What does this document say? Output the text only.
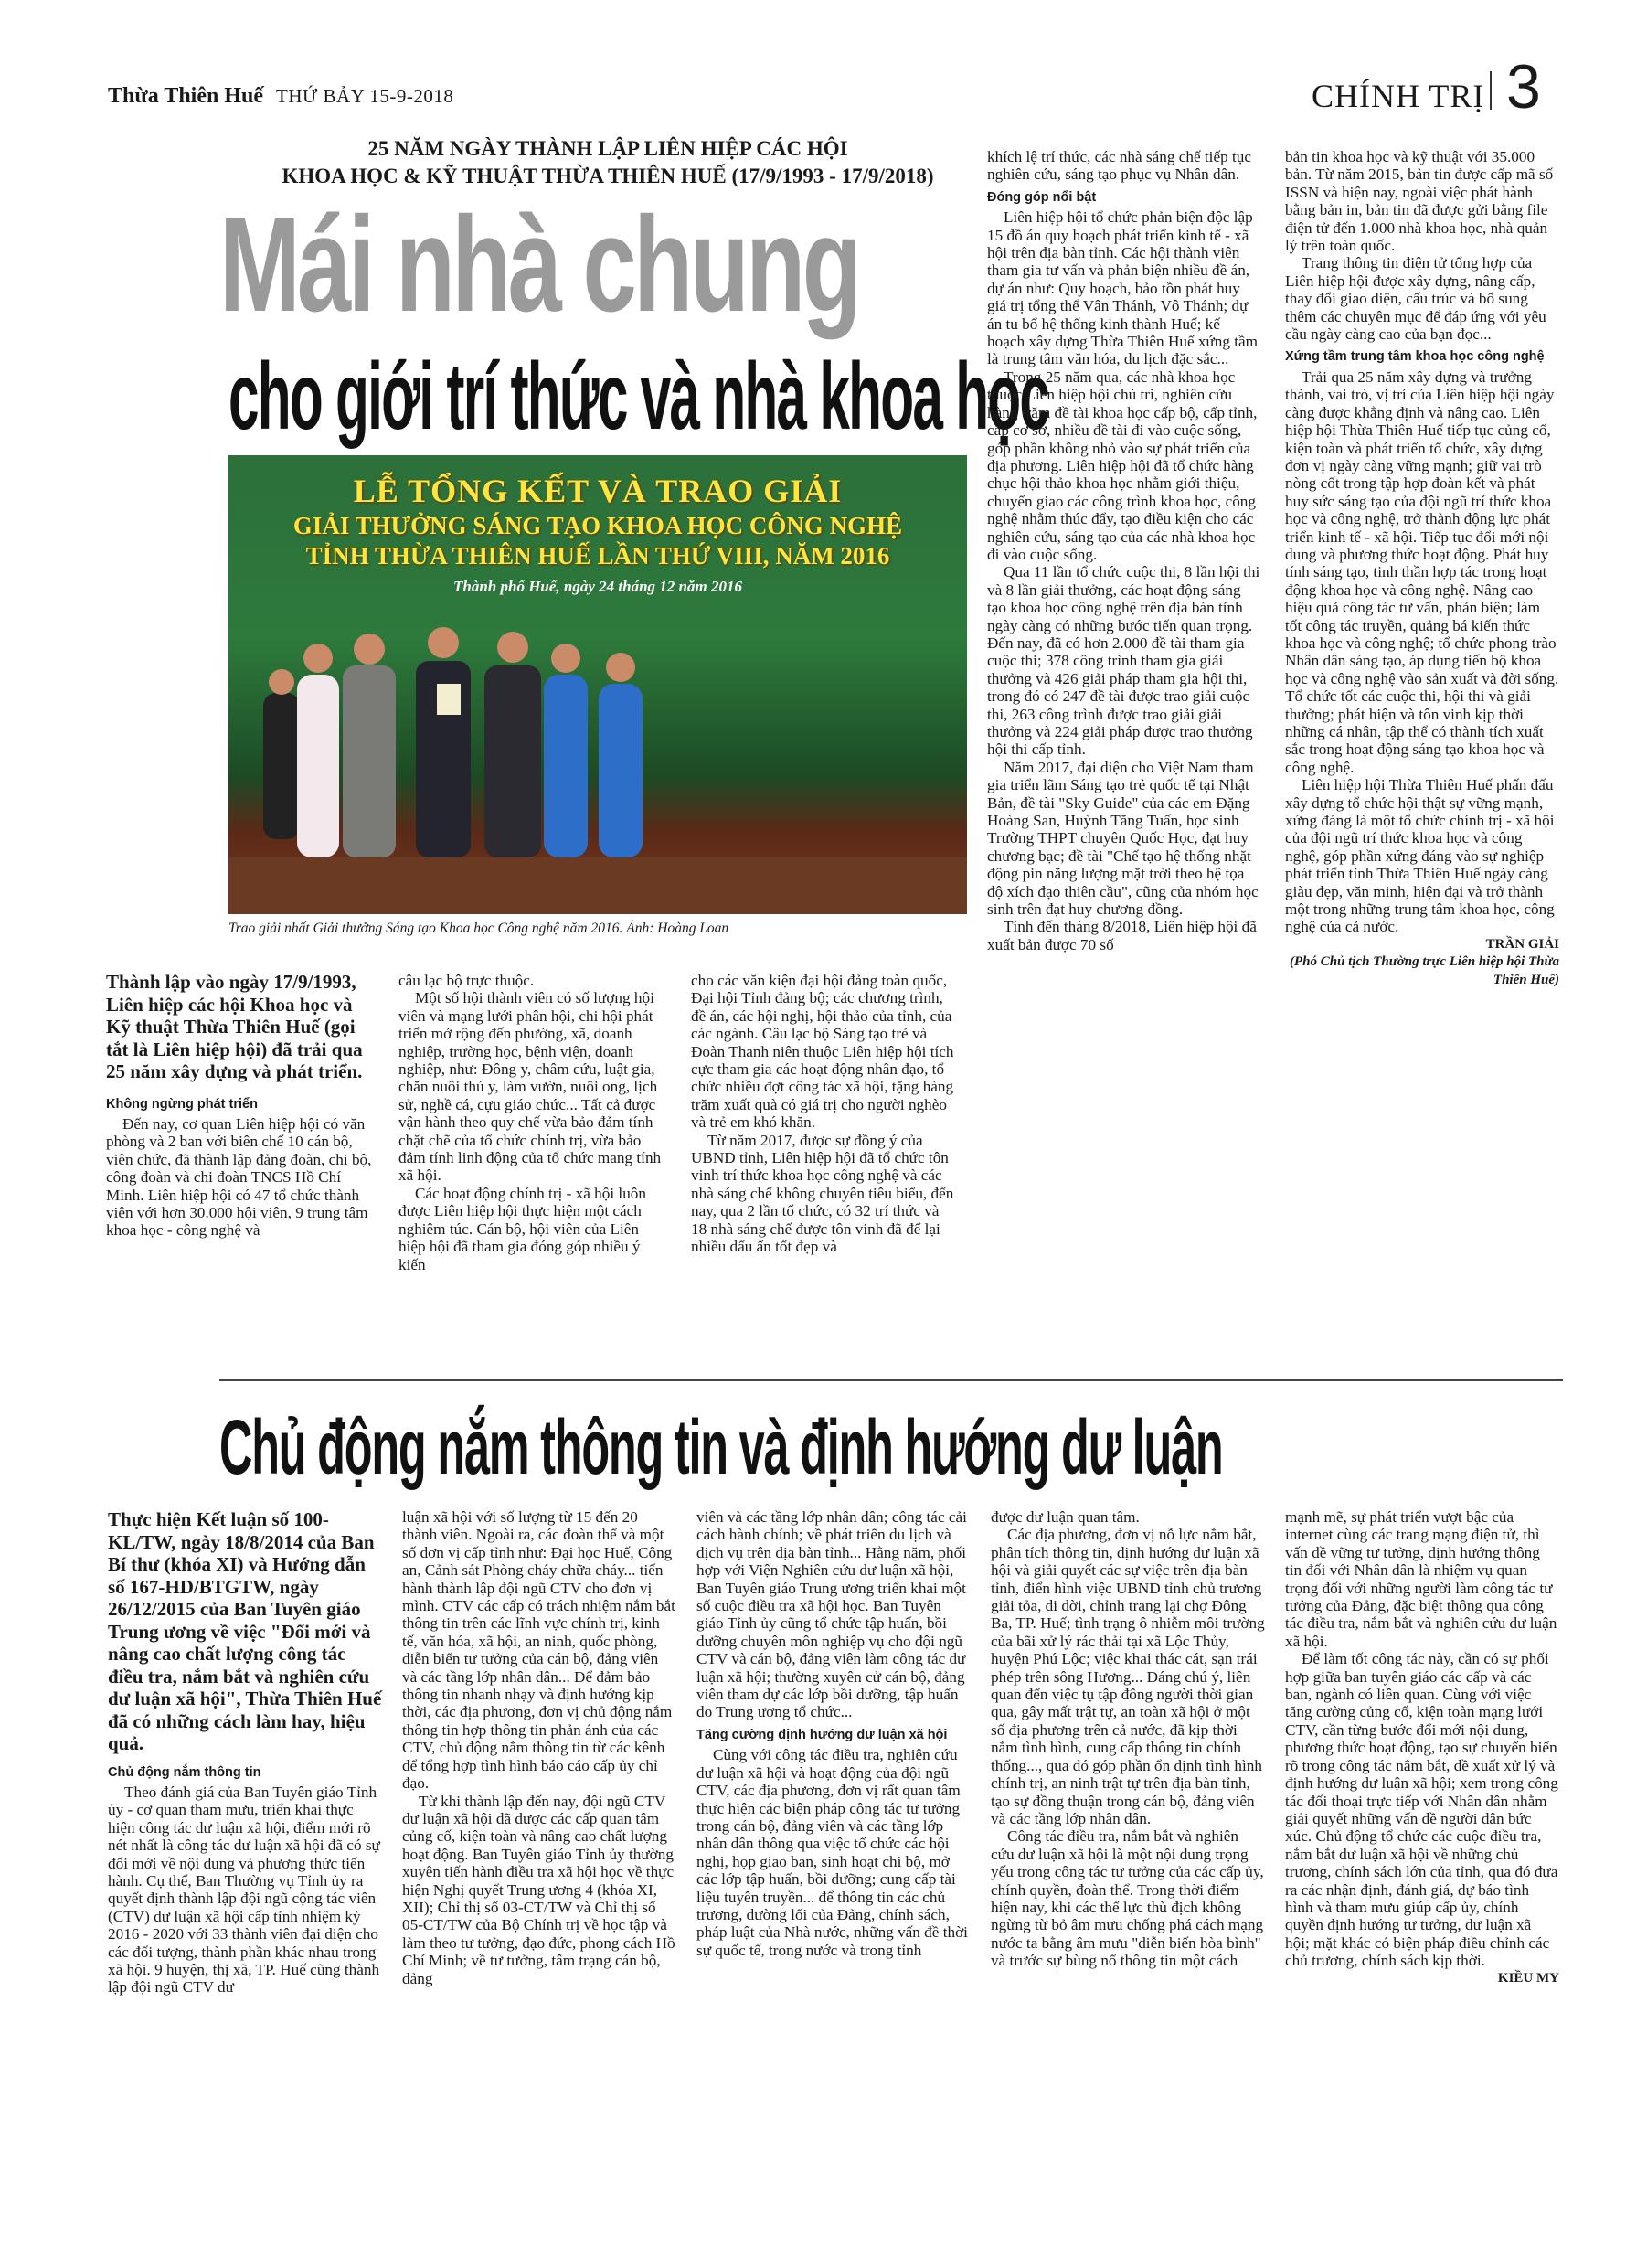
Thừa Thiên Huế THỨ BẢY 15-9-2018	CHÍNH TRỊ 3
25 NĂM NGÀY THÀNH LẬP LIÊN HIỆP CÁC HỘI
KHOA HỌC & KỸ THUẬT THỪA THIÊN HUẾ (17/9/1993 - 17/9/2018)
Mái nhà chung
cho giới trí thức và nhà khoa học
LỄ TỔNG KẾT VÀ TRAO GIẢI
GIẢI THƯỞNG SÁNG TẠO KHOA HỌC CÔNG NGHỆ
TỈNH THỪA THIÊN HUẾ LẦN THỨ VIII, NĂM 2016
Thành phố Huế, ngày 24 tháng 12 năm 2016
Trao giải nhất Giải thưởng Sáng tạo Khoa học Công nghệ năm 2016. Ảnh: Hoàng Loan

Thành lập vào ngày 17/9/1993, Liên hiệp các hội Khoa học và Kỹ thuật Thừa Thiên Huế (gọi tắt là Liên hiệp hội) đã trải qua 25 năm xây dựng và phát triển.

Không ngừng phát triển

Đến nay, cơ quan Liên hiệp hội có văn phòng và 2 ban với biên chế 10 cán bộ, viên chức, đã thành lập đảng đoàn, chi bộ, công đoàn và chi đoàn TNCS Hồ Chí Minh. Liên hiệp hội có 47 tổ chức thành viên với hơn 30.000 hội viên, 9 trung tâm khoa học - công nghệ và

câu lạc bộ trực thuộc.

Một số hội thành viên có số lượng hội viên và mạng lưới phân hội, chi hội phát triển mở rộng đến phường, xã, doanh nghiệp, trường học, bệnh viện, doanh nghiệp, như: Đông y, châm cứu, luật gia, chăn nuôi thú y, làm vườn, nuôi ong, lịch sử, nghề cá, cựu giáo chức... Tất cả được vận hành theo quy chế vừa bảo đảm tính chặt chẽ của tổ chức chính trị, vừa bảo đảm tính linh động của tổ chức mang tính xã hội.

Các hoạt động chính trị - xã hội luôn được Liên hiệp hội thực hiện một cách nghiêm túc. Cán bộ, hội viên của Liên hiệp hội đã tham gia đóng góp nhiều ý kiến

cho các văn kiện đại hội đảng toàn quốc, Đại hội Tỉnh đảng bộ; các chương trình, đề án, các hội nghị, hội thảo của tỉnh, của các ngành. Câu lạc bộ Sáng tạo trẻ và Đoàn Thanh niên thuộc Liên hiệp hội tích cực tham gia các hoạt động nhân đạo, tổ chức nhiều đợt công tác xã hội, tặng hàng trăm xuất quà có giá trị cho người nghèo và trẻ em khó khăn.

Từ năm 2017, được sự đồng ý của UBND tỉnh, Liên hiệp hội đã tổ chức tôn vinh trí thức khoa học công nghệ và các nhà sáng chế không chuyên tiêu biểu, đến nay, qua 2 lần tổ chức, có 32 trí thức và 18 nhà sáng chế được tôn vinh đã để lại nhiều dấu ấn tốt đẹp và

khích lệ trí thức, các nhà sáng chế tiếp tục nghiên cứu, sáng tạo phục vụ Nhân dân.

Đóng góp nổi bật

Liên hiệp hội tổ chức phản biện độc lập 15 đồ án quy hoạch phát triển kinh tế - xã hội trên địa bàn tỉnh. Các hội thành viên tham gia tư vấn và phản biện nhiều đề án, dự án như: Quy hoạch, bảo tồn phát huy giá trị tổng thể Vân Thánh, Vô Thánh; dự án tu bổ hệ thống kinh thành Huế; kế hoạch xây dựng Thừa Thiên Huế xứng tầm là trung tâm văn hóa, du lịch đặc sắc...

Trong 25 năm qua, các nhà khoa học thuộc Liên hiệp hội chủ trì, nghiên cứu hàng trăm đề tài khoa học cấp bộ, cấp tỉnh, cấp cơ sở, nhiều đề tài đi vào cuộc sống, góp phần không nhỏ vào sự phát triển của địa phương. Liên hiệp hội đã tổ chức hàng chục hội thảo khoa học nhằm giới thiệu, chuyển giao các công trình khoa học, công nghệ nhằm thúc đẩy, tạo điều kiện cho các nghiên cứu, sáng tạo của các nhà khoa học đi vào cuộc sống.

Qua 11 lần tổ chức cuộc thi, 8 lần hội thi và 8 lần giải thưởng, các hoạt động sáng tạo khoa học công nghệ trên địa bàn tỉnh ngày càng có những bước tiến quan trọng. Đến nay, đã có hơn 2.000 đề tài tham gia cuộc thi; 378 công trình tham gia giải thưởng và 426 giải pháp tham gia hội thi, trong đó có 247 đề tài được trao giải cuộc thi, 263 công trình được trao giải giải thưởng và 224 giải pháp được trao thưởng hội thi cấp tỉnh.

Năm 2017, đại diện cho Việt Nam tham gia triển lãm Sáng tạo trẻ quốc tế tại Nhật Bản, đề tài "Sky Guide" của các em Đặng Hoàng San, Huỳnh Tăng Tuấn, học sinh Trường THPT chuyên Quốc Học, đạt huy chương bạc; đề tài "Chế tạo hệ thống nhặt động pin năng lượng mặt trời theo hệ tọa độ xích đạo thiên cầu", cũng của nhóm học sinh trên đạt huy chương đồng.

Tính đến tháng 8/2018, Liên hiệp hội đã xuất bản được 70 số

bản tin khoa học và kỹ thuật với 35.000 bản. Từ năm 2015, bản tin được cấp mã số ISSN và hiện nay, ngoài việc phát hành bằng bản in, bản tin đã được gửi bằng file điện tử đến 1.000 nhà khoa học, nhà quản lý trên toàn quốc.

Trang thông tin điện tử tổng hợp của Liên hiệp hội được xây dựng, nâng cấp, thay đổi giao diện, cấu trúc và bổ sung thêm các chuyên mục để đáp ứng với yêu cầu ngày càng cao của bạn đọc...

Xứng tầm trung tâm khoa học công nghệ

Trải qua 25 năm xây dựng và trưởng thành, vai trò, vị trí của Liên hiệp hội ngày càng được khẳng định và nâng cao. Liên hiệp hội Thừa Thiên Huế tiếp tục củng cố, kiện toàn và phát triển tổ chức, xây dựng đơn vị ngày càng vững mạnh; giữ vai trò nòng cốt trong tập hợp đoàn kết và phát huy sức sáng tạo của đội ngũ trí thức khoa học và công nghệ, trở thành động lực phát triển kinh tế - xã hội. Tiếp tục đổi mới nội dung và phương thức hoạt động. Phát huy tính sáng tạo, tinh thần hợp tác trong hoạt động khoa học và công nghệ. Nâng cao hiệu quả công tác tư vấn, phản biện; làm tốt công tác truyền, quảng bá kiến thức khoa học và công nghệ; tổ chức phong trào Nhân dân sáng tạo, áp dụng tiến bộ khoa học và công nghệ vào sản xuất và đời sống. Tổ chức tốt các cuộc thi, hội thi và giải thưởng; phát hiện và tôn vinh kịp thời những cá nhân, tập thể có thành tích xuất sắc trong hoạt động sáng tạo khoa học và công nghệ.

Liên hiệp hội Thừa Thiên Huế phấn đấu xây dựng tổ chức hội thật sự vững mạnh, xứng đáng là một tổ chức chính trị - xã hội của đội ngũ trí thức khoa học và công nghệ, góp phần xứng đáng vào sự nghiệp phát triển tỉnh Thừa Thiên Huế ngày càng giàu đẹp, văn minh, hiện đại và trở thành một trong những trung tâm khoa học, công nghệ của cả nước.

TRẦN GIẢI

(Phó Chủ tịch Thường trực Liên hiệp hội Thừa Thiên Huế)

Chủ động nắm thông tin và định hướng dư luận

Thực hiện Kết luận số 100-KL/TW, ngày 18/8/2014 của Ban Bí thư (khóa XI) và Hướng dẫn số 167-HD/BTGTW, ngày 26/12/2015 của Ban Tuyên giáo Trung ương về việc "Đổi mới và nâng cao chất lượng công tác điều tra, nắm bắt và nghiên cứu dư luận xã hội", Thừa Thiên Huế đã có những cách làm hay, hiệu quả.

Chủ động nắm thông tin

Theo đánh giá của Ban Tuyên giáo Tỉnh ủy - cơ quan tham mưu, triển khai thực hiện công tác dư luận xã hội, điểm mới rõ nét nhất là công tác dư luận xã hội đã có sự đổi mới về nội dung và phương thức tiến hành. Cụ thể, Ban Thường vụ Tỉnh ủy ra quyết định thành lập đội ngũ cộng tác viên (CTV) dư luận xã hội cấp tỉnh nhiệm kỳ 2016 - 2020 với 33 thành viên đại diện cho các đối tượng, thành phần khác nhau trong xã hội. 9 huyện, thị xã, TP. Huế cũng thành lập đội ngũ CTV dư

luận xã hội với số lượng từ 15 đến 20 thành viên. Ngoài ra, các đoàn thể và một số đơn vị cấp tỉnh như: Đại học Huế, Công an, Cảnh sát Phòng cháy chữa cháy... tiến hành thành lập đội ngũ CTV cho đơn vị mình. CTV các cấp có trách nhiệm nắm bắt thông tin trên các lĩnh vực chính trị, kinh tế, văn hóa, xã hội, an ninh, quốc phòng, diễn biến tư tưởng của cán bộ, đảng viên và các tầng lớp nhân dân... Để đảm bảo thông tin nhanh nhạy và định hướng kịp thời, các địa phương, đơn vị chủ động nắm thông tin hợp thông tin phản ánh của các CTV, chủ động nắm thông tin từ các kênh để tổng hợp tình hình báo cáo cấp ủy chỉ đạo.

Từ khi thành lập đến nay, đội ngũ CTV dư luận xã hội đã được các cấp quan tâm củng cố, kiện toàn và nâng cao chất lượng hoạt động. Ban Tuyên giáo Tỉnh ủy thường xuyên tiến hành điều tra xã hội học về thực hiện Nghị quyết Trung ương 4 (khóa XI, XII); Chỉ thị số 03-CT/TW và Chỉ thị số 05-CT/TW của Bộ Chính trị về học tập và làm theo tư tưởng, đạo đức, phong cách Hồ Chí Minh; về tư tưởng, tâm trạng cán bộ, đảng

viên và các tầng lớp nhân dân; công tác cải cách hành chính; về phát triển du lịch và dịch vụ trên địa bàn tỉnh... Hằng năm, phối hợp với Viện Nghiên cứu dư luận xã hội, Ban Tuyên giáo Trung ương triển khai một số cuộc điều tra xã hội học. Ban Tuyên giáo Tỉnh ủy cũng tổ chức tập huấn, bồi dưỡng chuyên môn nghiệp vụ cho đội ngũ CTV và cán bộ, đảng viên làm công tác dư luận xã hội; thường xuyên cử cán bộ, đảng viên tham dự các lớp bồi dưỡng, tập huấn do Trung ương tổ chức...

Tăng cường định hướng dư luận xã hội

Cùng với công tác điều tra, nghiên cứu dư luận xã hội và hoạt động của đội ngũ CTV, các địa phương, đơn vị rất quan tâm thực hiện các biện pháp công tác tư tưởng trong cán bộ, đảng viên và các tầng lớp nhân dân thông qua việc tổ chức các hội nghị, họp giao ban, sinh hoạt chi bộ, mở các lớp tập huấn, bồi dưỡng; cung cấp tài liệu tuyên truyền... để thông tin các chủ trương, đường lối của Đảng, chính sách, pháp luật của Nhà nước, những vấn đề thời sự quốc tế, trong nước và trong tỉnh

được dư luận quan tâm.

Các địa phương, đơn vị nỗ lực nắm bắt, phân tích thông tin, định hướng dư luận xã hội và giải quyết các sự việc trên địa bàn tỉnh, điển hình việc UBND tỉnh chủ trương giải tỏa, di dời, chỉnh trang lại chợ Đông Ba, TP. Huế; tình trạng ô nhiễm môi trường của bãi xử lý rác thải tại xã Lộc Thủy, huyện Phú Lộc; việc khai thác cát, sạn trái phép trên sông Hương... Đáng chú ý, liên quan đến việc tụ tập đông người thời gian qua, gây mất trật tự, an toàn xã hội ở một số địa phương trên cả nước, đã kịp thời nắm tình hình, cung cấp thông tin chính thống..., qua đó góp phần ổn định tình hình chính trị, an ninh trật tự trên địa bàn tỉnh, tạo sự đồng thuận trong cán bộ, đảng viên và các tầng lớp nhân dân.

Công tác điều tra, nắm bắt và nghiên cứu dư luận xã hội là một nội dung trọng yếu trong công tác tư tưởng của các cấp ủy, chính quyền, đoàn thể. Trong thời điểm hiện nay, khi các thế lực thù địch không ngừng từ bỏ âm mưu chống phá cách mạng nước ta bằng âm mưu "diễn biến hòa bình" và trước sự bùng nổ thông tin một cách

mạnh mẽ, sự phát triển vượt bậc của internet cùng các trang mạng điện tử, thì vấn đề vững tư tưởng, định hướng thông tin đối với Nhân dân là nhiệm vụ quan trọng đối với những người làm công tác tư tưởng của Đảng, đặc biệt thông qua công tác điều tra, nắm bắt và nghiên cứu dư luận xã hội.

Để làm tốt công tác này, cần có sự phối hợp giữa ban tuyên giáo các cấp và các ban, ngành có liên quan. Cùng với việc tăng cường củng cố, kiện toàn mạng lưới CTV, cần từng bước đổi mới nội dung, phương thức hoạt động, tạo sự chuyển biến rõ trong công tác nắm bắt, đề xuất xử lý và định hướng dư luận xã hội; xem trọng công tác đối thoại trực tiếp với Nhân dân nhằm giải quyết những vấn đề người dân bức xúc. Chủ động tổ chức các cuộc điều tra, nắm bắt dư luận xã hội về những chủ trương, chính sách lớn của tỉnh, qua đó đưa ra các nhận định, đánh giá, dự báo tình hình và tham mưu giúp cấp ủy, chính quyền định hướng tư tưởng, dư luận xã hội; mặt khác có biện pháp điều chỉnh các chủ trương, chính sách kịp thời.

KIỀU MY
